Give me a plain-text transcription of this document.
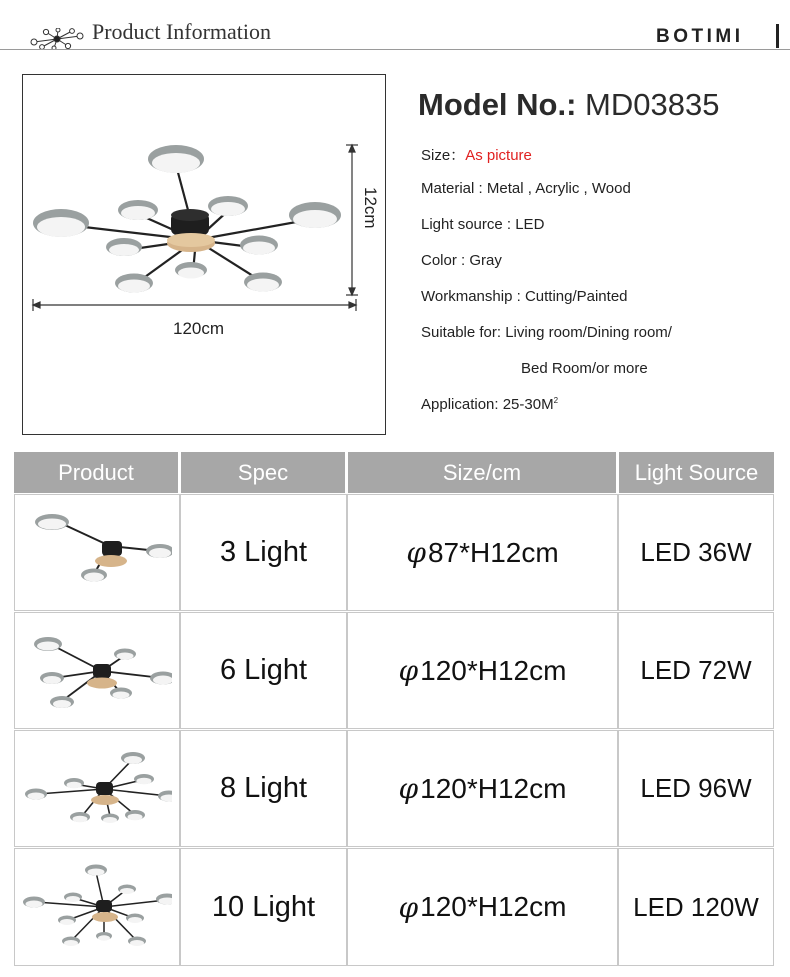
Product Information	BOTIMI
120cm
12cm
Model No.: MD03835
Size：As picture
Material : Metal , Acrylic , Wood
Light source : LED
Color : Gray
Workmanship : Cutting/Painted
Suitable for: Living room/Dining room/
Bed Room/or more
Application: $25-30M^2$
Product	Spec	Size/cm	Light Source
3 Light	φ 87*H12cm	LED 36W
6 Light	φ 120*H12cm	LED 72W
8 Light	φ 120*H12cm	LED 96W
10 Light	φ 120*H12cm	LED 120W
